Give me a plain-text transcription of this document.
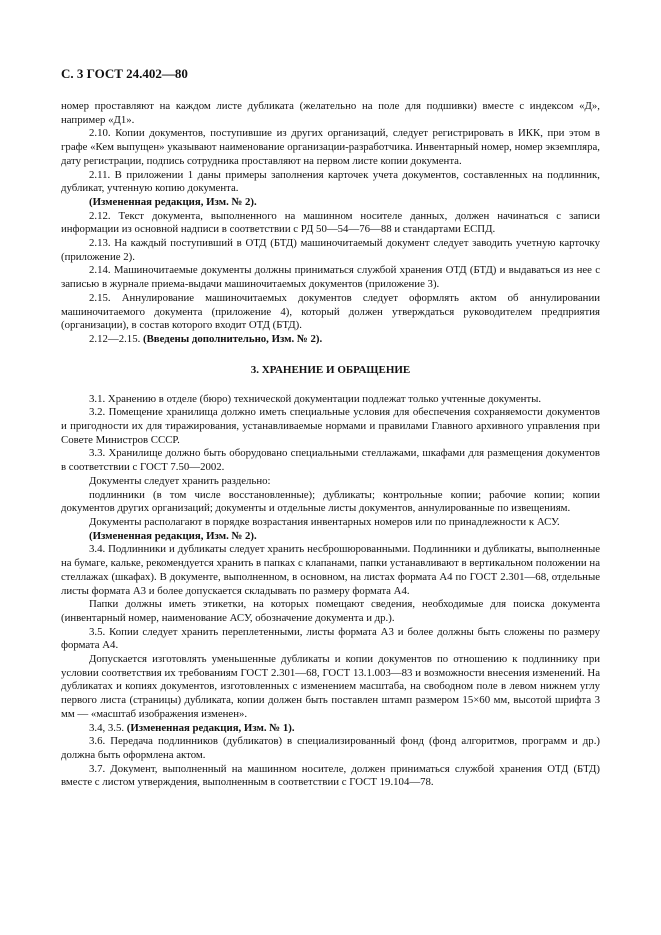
С. 3 ГОСТ 24.402—80

номер проставляют на каждом листе дубликата (желательно на поле для подшивки) вместе с индексом «Д», например «Д1».

2.10. Копии документов, поступившие из других организаций, следует регистрировать в ИКК, при этом в графе «Кем выпущен» указывают наименование организации-разработчика. Инвентарный номер, номер экземпляра, дату регистрации, подпись сотрудника проставляют на первом листе копии документа.

2.11. В приложении 1 даны примеры заполнения карточек учета документов, составленных на подлинник, дубликат, учтенную копию документа.

(Измененная редакция, Изм. № 2).

2.12. Текст документа, выполненного на машинном носителе данных, должен начинаться с записи информации из основной надписи в соответствии с РД 50—54—76—88 и стандартами ЕСПД.

2.13. На каждый поступивший в ОТД (БТД) машиночитаемый документ следует заводить учетную карточку (приложение 2).

2.14. Машиночитаемые документы должны приниматься службой хранения ОТД (БТД) и выдаваться из нее с записью в журнале приема-выдачи машиночитаемых документов (приложение 3).

2.15. Аннулирование машиночитаемых документов следует оформлять актом об аннулировании машиночитаемого документа (приложение 4), который должен утверждаться руководителем предприятия (организации), в состав которого входит ОТД (БТД).

2.12—2.15. (Введены дополнительно, Изм. № 2).

3. ХРАНЕНИЕ И ОБРАЩЕНИЕ

3.1. Хранению в отделе (бюро) технической документации подлежат только учтенные документы.

3.2. Помещение хранилища должно иметь специальные условия для обеспечения сохраняемости документов и пригодности их для тиражирования, устанавливаемые нормами и правилами Главного архивного управления при Совете Министров СССР.

3.3. Хранилище должно быть оборудовано специальными стеллажами, шкафами для размещения документов в соответствии с ГОСТ 7.50—2002.

Документы следует хранить раздельно:

подлинники (в том числе восстановленные); дубликаты; контрольные копии; рабочие копии; копии документов других организаций; документы и отдельные листы документов, аннулированные по извещениям.

Документы располагают в порядке возрастания инвентарных номеров или по принадлежности к АСУ.

(Измененная редакция, Изм. № 2).

3.4. Подлинники и дубликаты следует хранить несброшюрованными. Подлинники и дубликаты, выполненные на бумаге, кальке, рекомендуется хранить в папках с клапанами, папки устанавливают в вертикальном положении на стеллажах (шкафах). В документе, выполненном, в основном, на листах формата А4 по ГОСТ 2.301—68, отдельные листы формата А3 и более допускается складывать по размеру формата А4.

Папки должны иметь этикетки, на которых помещают сведения, необходимые для поиска документа (инвентарный номер, наименование АСУ, обозначение документа и др.).

3.5. Копии следует хранить переплетенными, листы формата А3 и более должны быть сложены по размеру формата А4.

Допускается изготовлять уменьшенные дубликаты и копии документов по отношению к подлиннику при условии соответствия их требованиям ГОСТ 2.301—68, ГОСТ 13.1.003—83 и возможности внесения изменений. На дубликатах и копиях документов, изготовленных с изменением масштаба, на свободном поле в левом нижнем углу первого листа (страницы) дубликата, копии должен быть поставлен штамп размером 15×60 мм, высотой шрифта 3 мм — «масштаб изображения изменен».

3.4, 3.5. (Измененная редакция, Изм. № 1).

3.6. Передача подлинников (дубликатов) в специализированный фонд (фонд алгоритмов, программ и др.) должна быть оформлена актом.

3.7. Документ, выполненный на машинном носителе, должен приниматься службой хранения ОТД (БТД) вместе с листом утверждения, выполненным в соответствии с ГОСТ 19.104—78.
